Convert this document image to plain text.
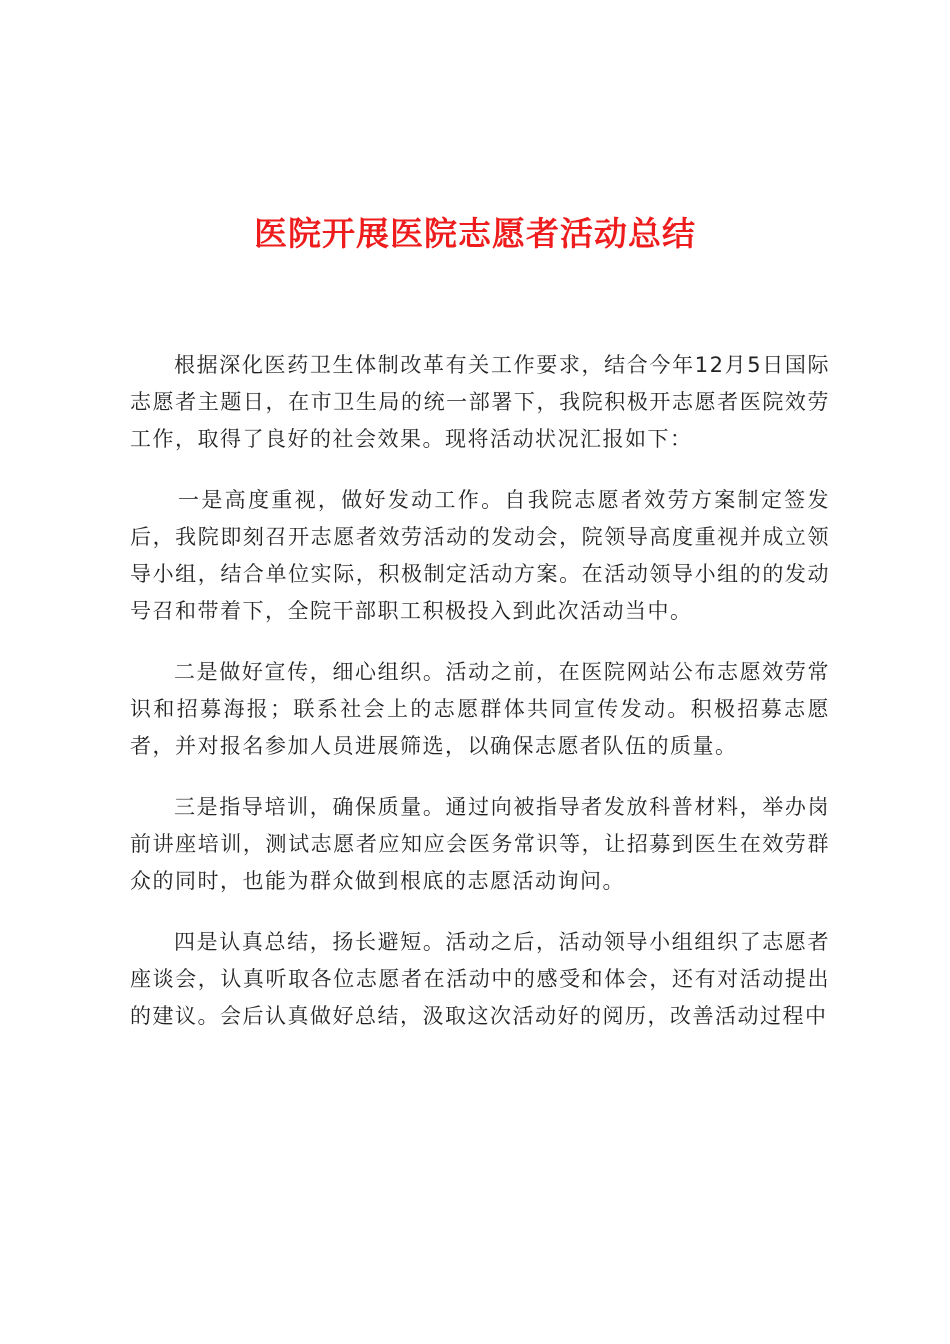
医院开展医院志愿者活动总结

根据深化医药卫生体制改革有关工作要求，结合今年12月5日国际志愿者主题日，在市卫生局的统一部署下，我院积极开志愿者医院效劳工作，取得了良好的社会效果。现将活动状况汇报如下：

一是高度重视，做好发动工作。自我院志愿者效劳方案制定签发后，我院即刻召开志愿者效劳活动的发动会，院领导高度重视并成立领导小组，结合单位实际，积极制定活动方案。在活动领导小组的的发动号召和带着下，全院干部职工积极投入到此次活动当中。

二是做好宣传，细心组织。活动之前，在医院网站公布志愿效劳常识和招募海报；联系社会上的志愿群体共同宣传发动。积极招募志愿者，并对报名参加人员进展筛选，以确保志愿者队伍的质量。

三是指导培训，确保质量。通过向被指导者发放科普材料，举办岗前讲座培训，测试志愿者应知应会医务常识等，让招募到医生在效劳群众的同时，也能为群众做到根底的志愿活动询问。

四是认真总结，扬长避短。活动之后，活动领导小组组织了志愿者座谈会，认真听取各位志愿者在活动中的感受和体会，还有对活动提出的建议。会后认真做好总结，汲取这次活动好的阅历，改善活动过程中
